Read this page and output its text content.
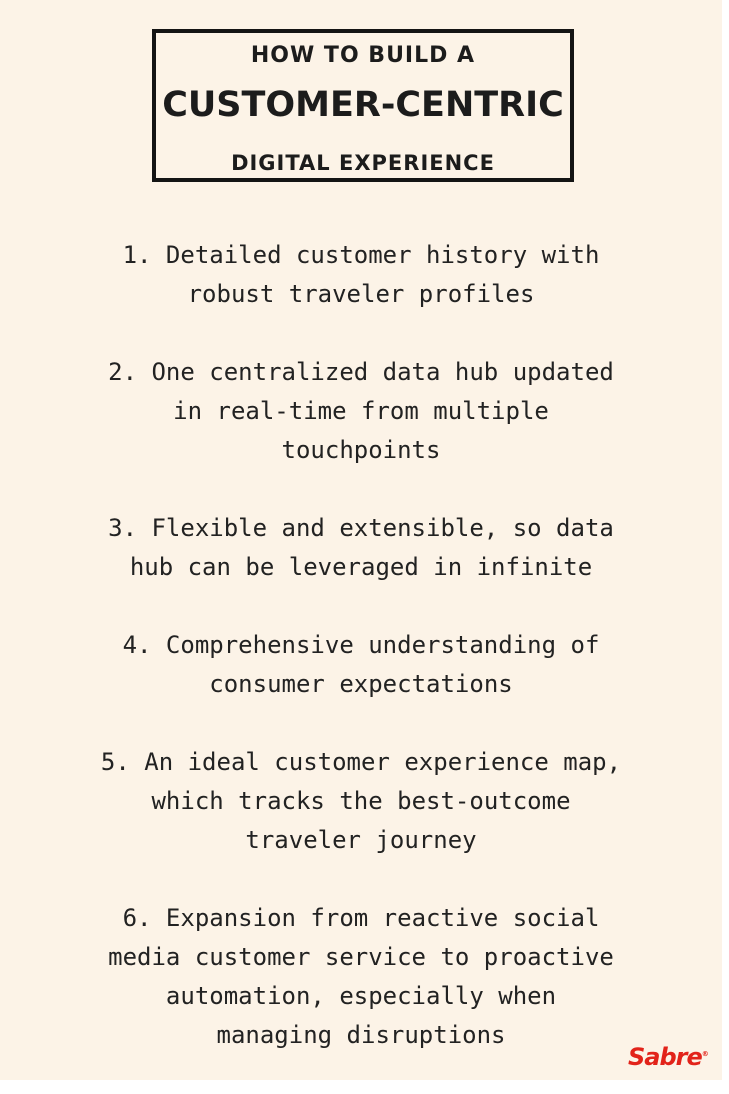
HOW TO BUILD A
CUSTOMER-CENTRIC
DIGITAL EXPERIENCE
1. Detailed customer history with
robust traveler profiles
2. One centralized data hub updated
in real-time from multiple
touchpoints
3. Flexible and extensible, so data
hub can be leveraged in infinite
4. Comprehensive understanding of
consumer expectations
5. An ideal customer experience map,
which tracks the best-outcome
traveler journey
6. Expansion from reactive social
media customer service to proactive
automation, especially when
managing disruptions
Sabre®
